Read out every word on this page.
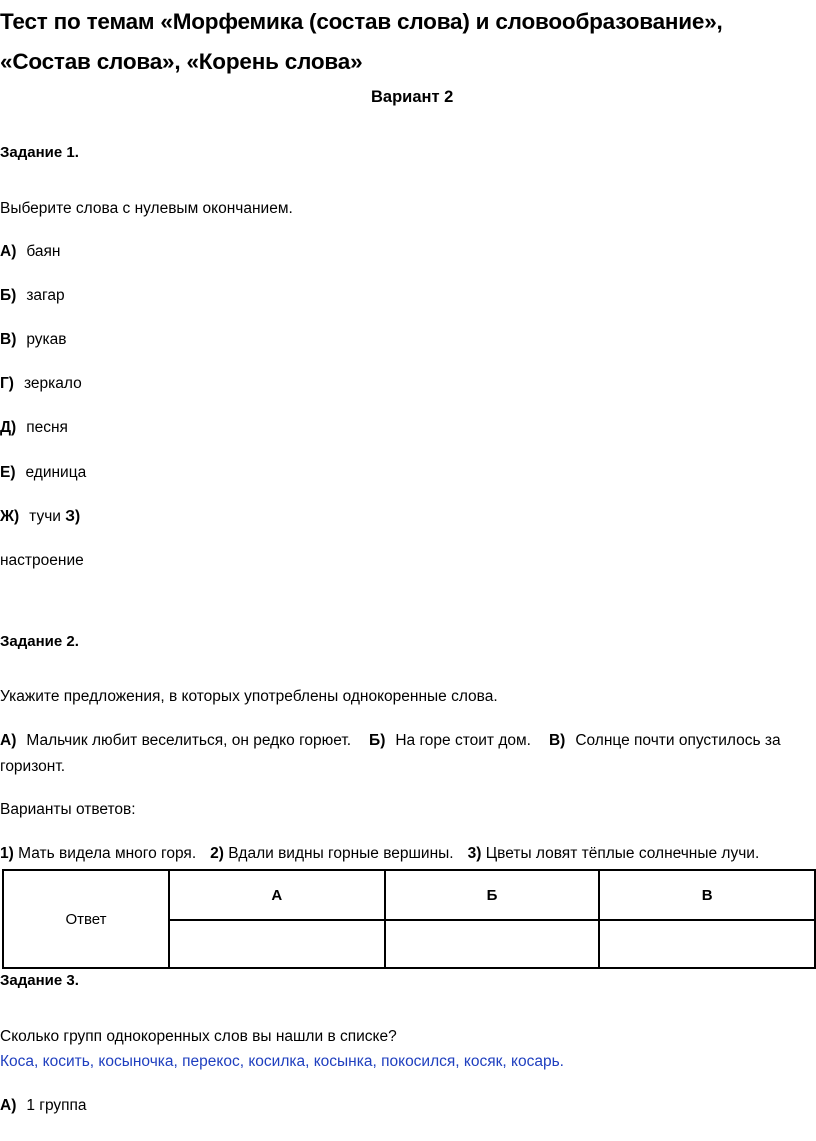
Тест по темам «Морфемика (состав слова) и словообразование»,
«Состав слова», «Корень слова»
Вариант 2
Задание 1.
Выберите слова с нулевым окончанием.
А) баян
Б) загар
В) рукав
Г) зеркало
Д) песня
Е) единица
Ж) тучи З)
настроение
Задание 2.
Укажите предложения, в которых употреблены однокоренные слова.
А) Мальчик любит веселиться, он редко горюет. Б) На горе стоит дом. В) Солнце почти опустилось за
горизонт.
Варианты ответов:
1) Мать видела много горя. 2) Вдали видны горные вершины. 3) Цветы ловят тёплые солнечные лучи.
Ответ	А	Б	В

Задание 3.
Сколько групп однокоренных слов вы нашли в списке?
Коса, косить, косыночка, перекос, косилка, косынка, покосился, косяк, косарь.
А) 1 группа
